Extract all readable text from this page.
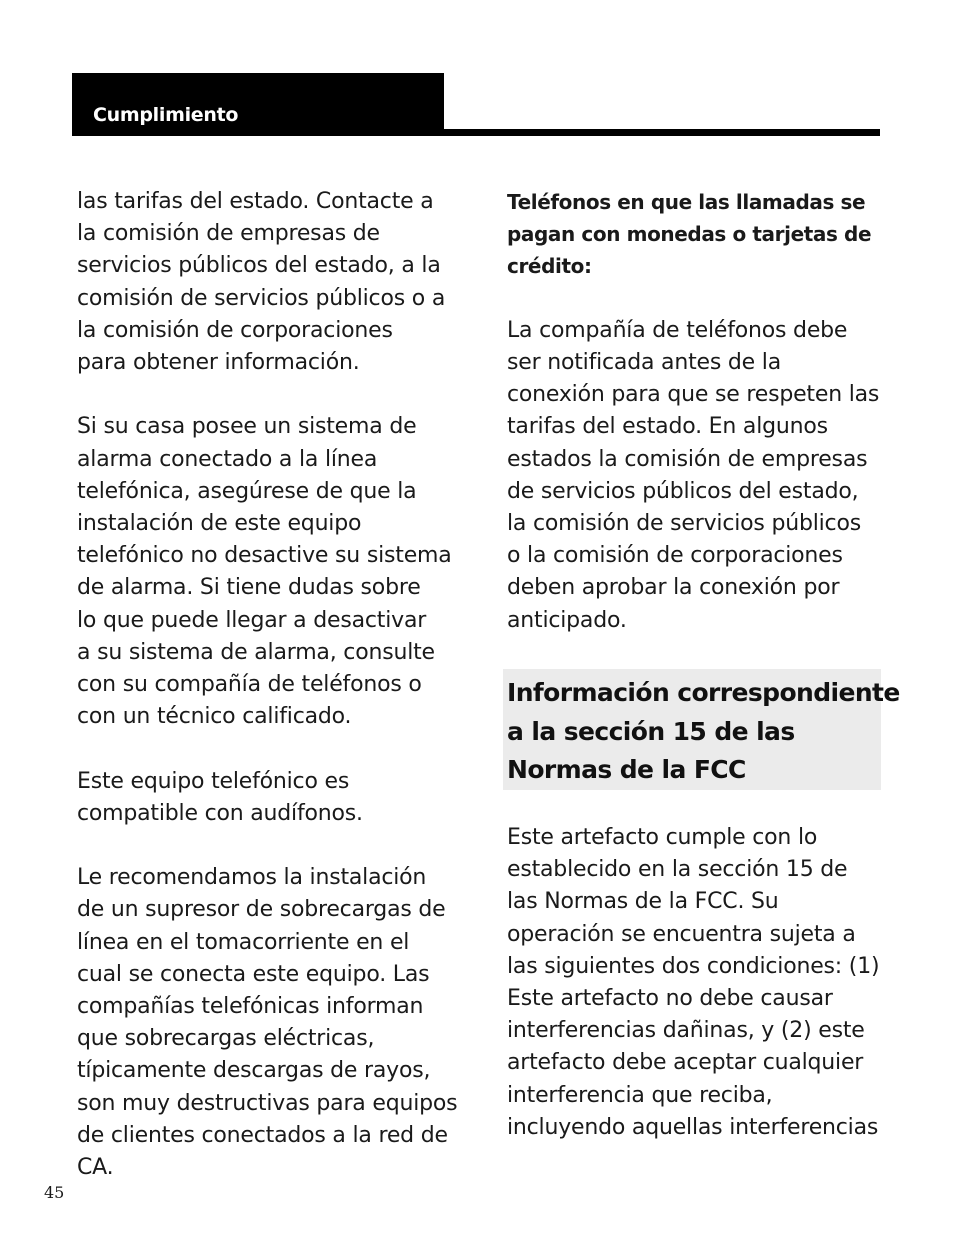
Cumplimiento

con las Normas

las tarifas del estado. Contacte a
la comisión de empresas de
servicios públicos del estado, a la
comisión de servicios públicos o a
la comisión de corporaciones
para obtener información.

Si su casa posee un sistema de
alarma conectado a la línea
telefónica, asegúrese de que la
instalación de este equipo
telefónico no desactive su sistema
de alarma. Si tiene dudas sobre
lo que puede llegar a desactivar
a su sistema de alarma, consulte
con su compañía de teléfonos o
con un técnico calificado.

Este equipo telefónico es
compatible con audífonos.

Le recomendamos la instalación
de un supresor de sobrecargas de
línea en el tomacorriente en el
cual se conecta este equipo. Las
compañías telefónicas informan
que sobrecargas eléctricas,
típicamente descargas de rayos,
son muy destructivas para equipos
de clientes conectados a la red de
CA.

Teléfonos en que las llamadas se
pagan con monedas o tarjetas de
crédito:

La compañía de teléfonos debe
ser notificada antes de la
conexión para que se respeten las
tarifas del estado. En algunos
estados la comisión de empresas
de servicios públicos del estado,
la comisión de servicios públicos
o la comisión de corporaciones
deben aprobar la conexión por
anticipado.

Información correspondiente
a la sección 15 de las
Normas de la FCC

Este artefacto cumple con lo
establecido en la sección 15 de
las Normas de la FCC. Su
operación se encuentra sujeta a
las siguientes dos condiciones: (1)
Este artefacto no debe causar
interferencias dañinas, y (2) este
artefacto debe aceptar cualquier
interferencia que reciba,
incluyendo aquellas interferencias

45
